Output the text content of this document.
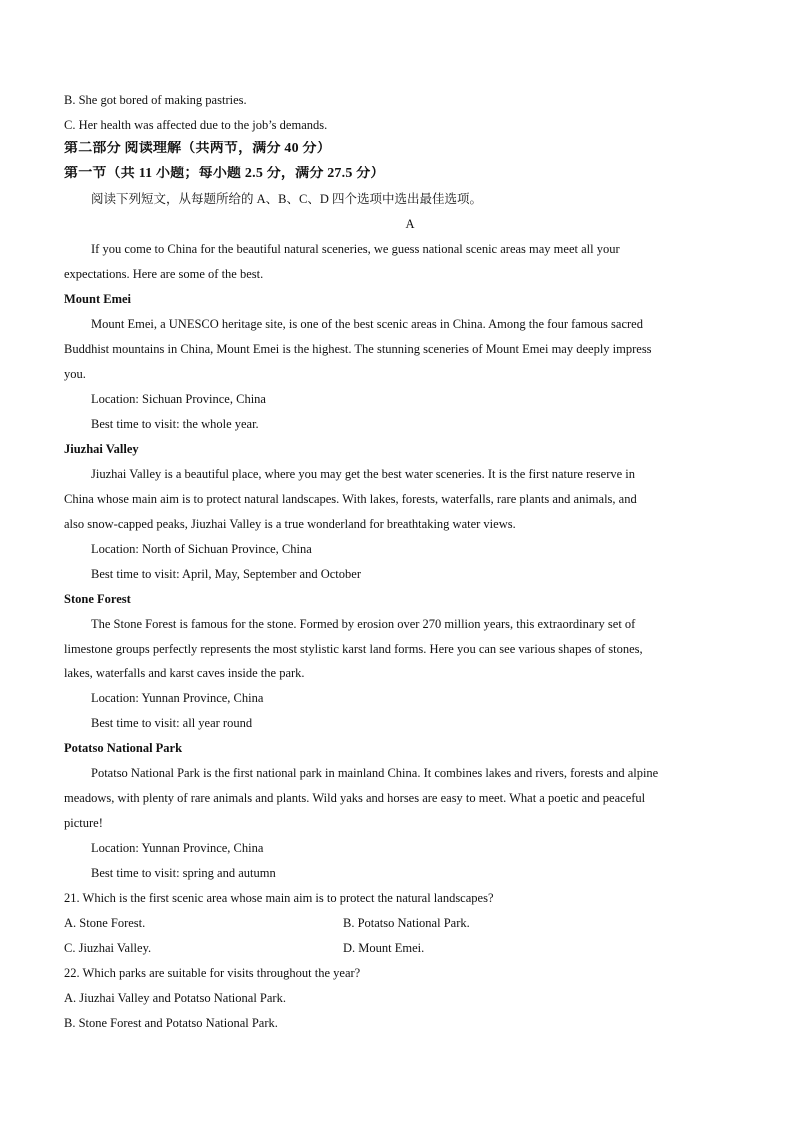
B. She got bored of making pastries.
C. Her health was affected due to the job’s demands.
第二部分 阅读理解（共两节，满分 40 分）
第一节（共 11 小题；每小题 2.5 分，满分 27.5 分）
阅读下列短文，从每题所给的 A、B、C、D 四个选项中选出最佳选项。
A
If you come to China for the beautiful natural sceneries, we guess national scenic areas may meet all your
expectations. Here are some of the best.
Mount Emei
Mount Emei, a UNESCO heritage site, is one of the best scenic areas in China. Among the four famous sacred
Buddhist mountains in China, Mount Emei is the highest. The stunning sceneries of Mount Emei may deeply impress
you.
Location: Sichuan Province, China
Best time to visit: the whole year.
Jiuzhai Valley
Jiuzhai Valley is a beautiful place, where you may get the best water sceneries. It is the first nature reserve in
China whose main aim is to protect natural landscapes. With lakes, forests, waterfalls, rare plants and animals, and
also snow-capped peaks, Jiuzhai Valley is a true wonderland for breathtaking water views.
Location: North of Sichuan Province, China
Best time to visit: April, May, September and October
Stone Forest
The Stone Forest is famous for the stone. Formed by erosion over 270 million years, this extraordinary set of
limestone groups perfectly represents the most stylistic karst land forms. Here you can see various shapes of stones,
lakes, waterfalls and karst caves inside the park.
Location: Yunnan Province, China
Best time to visit: all year round
Potatso National Park
Potatso National Park is the first national park in mainland China. It combines lakes and rivers, forests and alpine
meadows, with plenty of rare animals and plants. Wild yaks and horses are easy to meet. What a poetic and peaceful
picture!
Location: Yunnan Province, China
Best time to visit: spring and autumn
21. Which is the first scenic area whose main aim is to protect the natural landscapes?
A. Stone Forest.	B. Potatso National Park.
C. Jiuzhai Valley.	D. Mount Emei.
22. Which parks are suitable for visits throughout the year?
A. Jiuzhai Valley and Potatso National Park.
B. Stone Forest and Potatso National Park.
